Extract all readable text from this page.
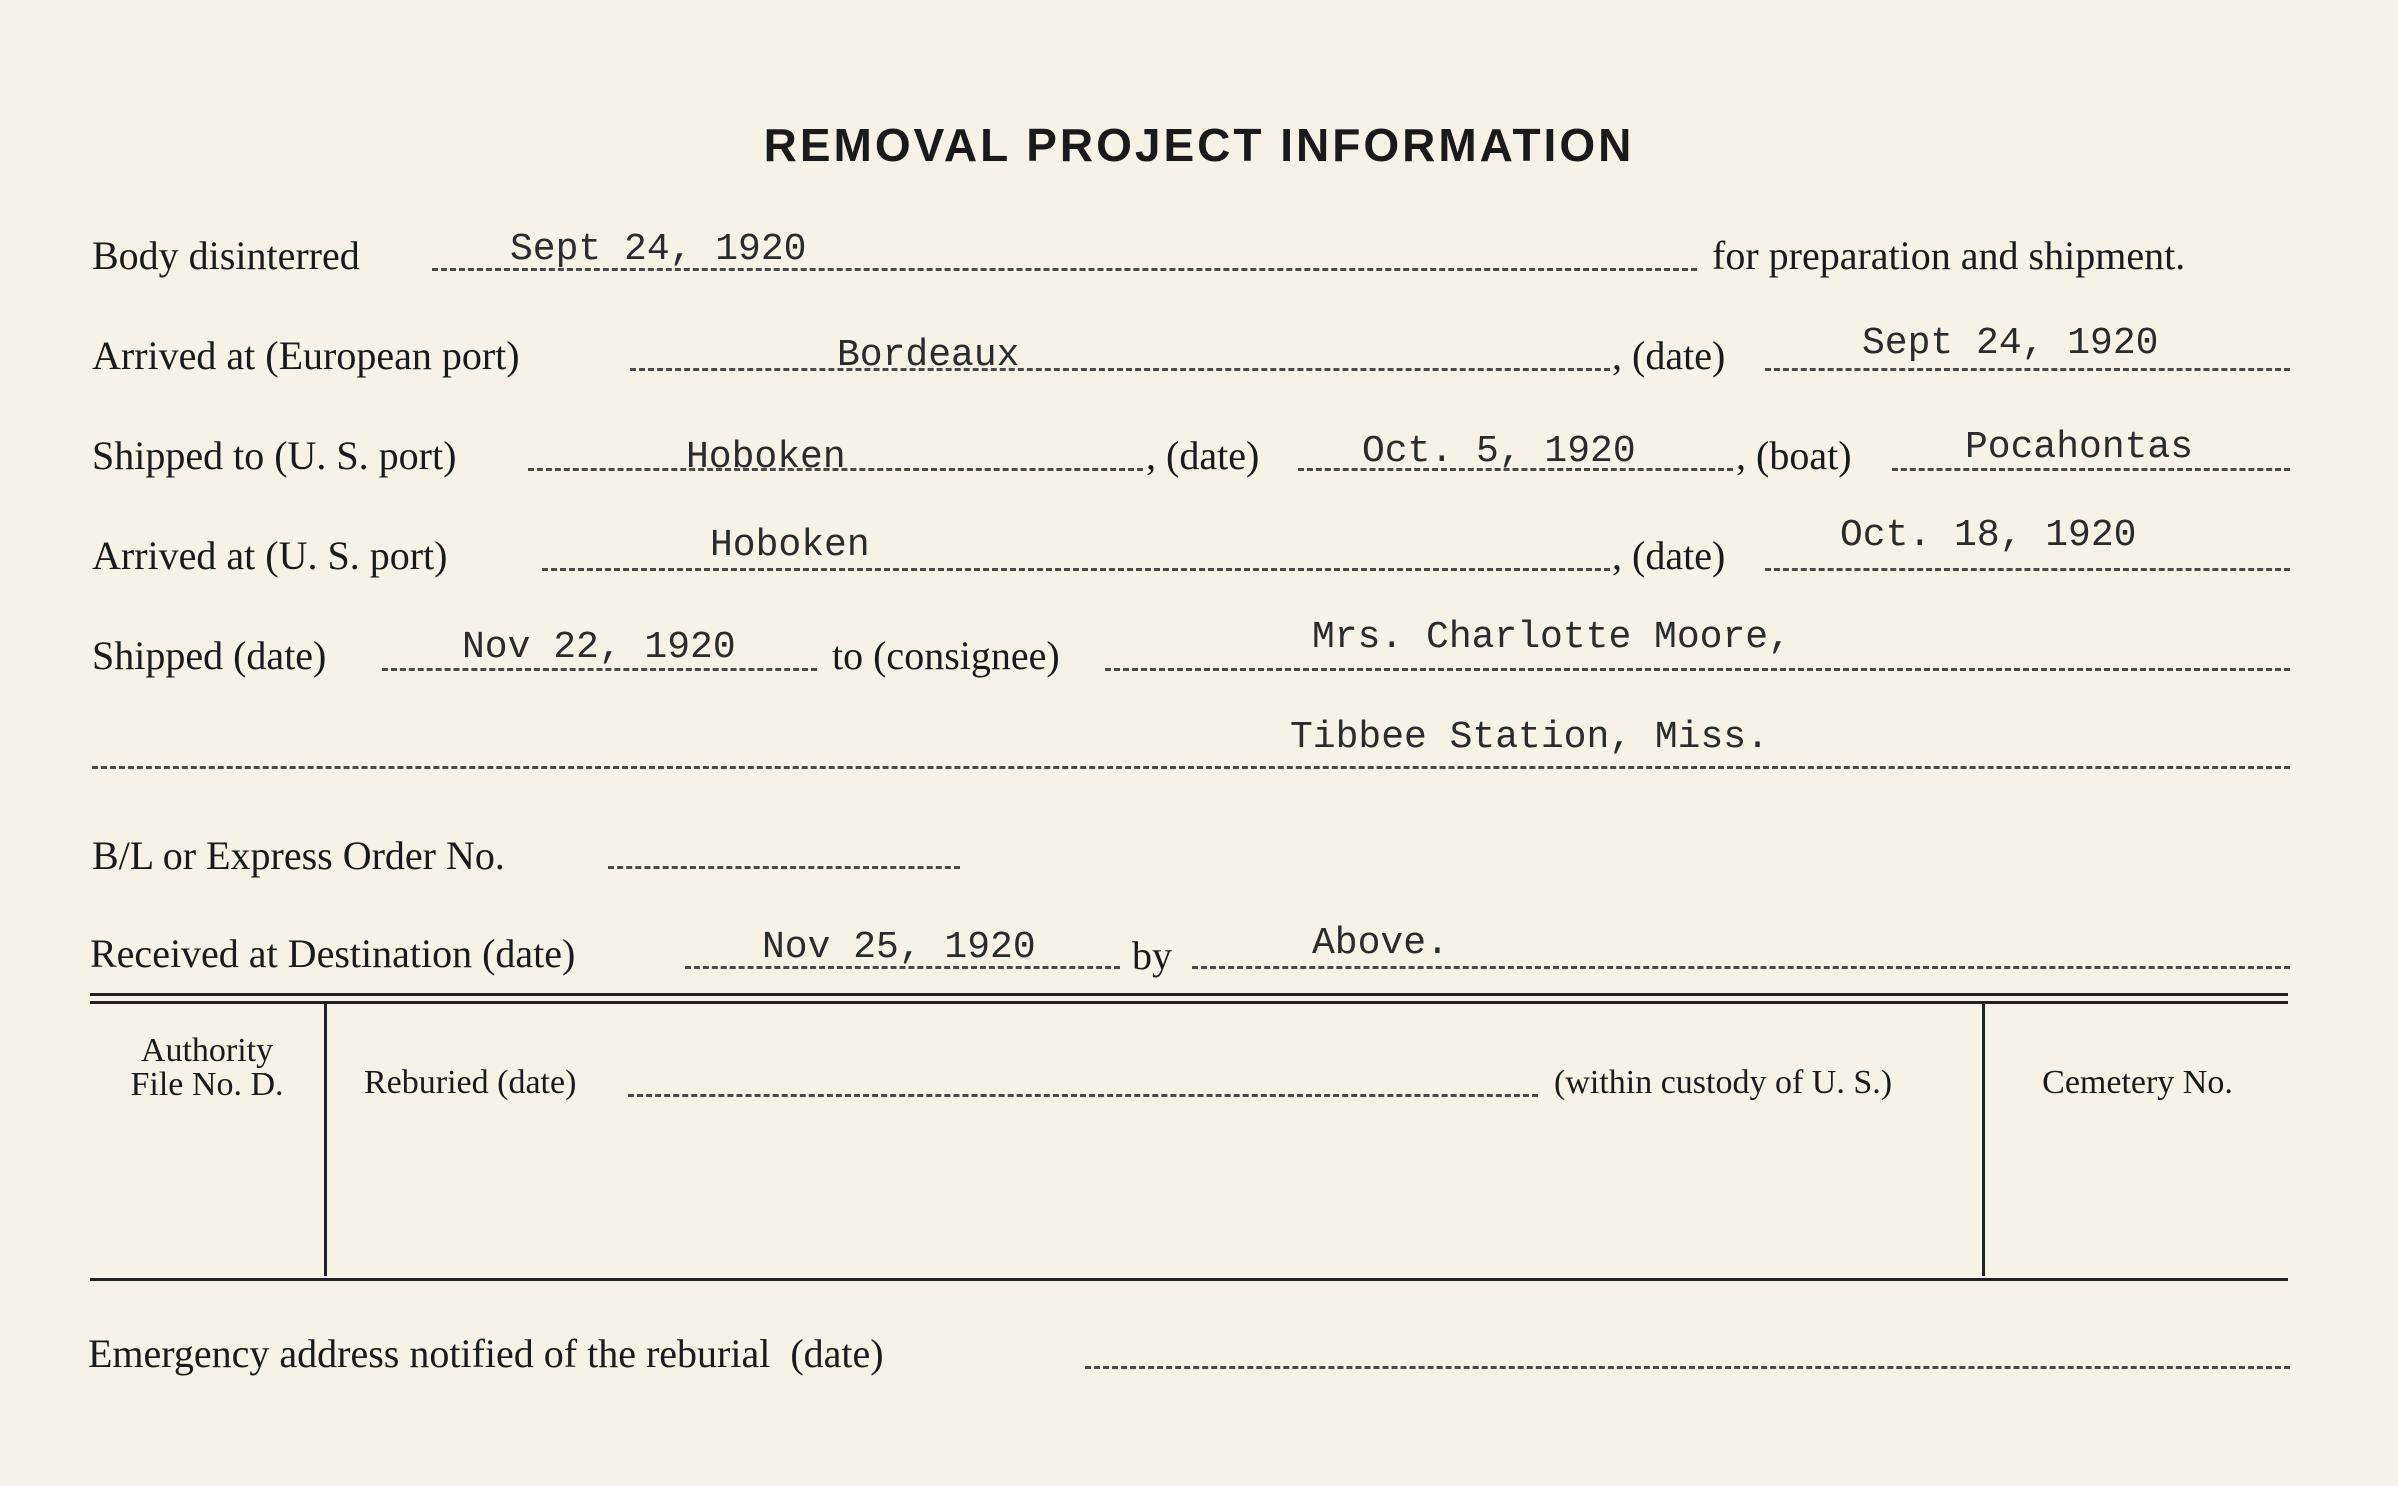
REMOVAL PROJECT INFORMATION
Body disinterred	Sept 24, 1920	for preparation and shipment.
Arrived at (European port)	Bordeaux	, (date)	Sept 24, 1920
Shipped to (U. S. port)	Hoboken	, (date)	Oct. 5, 1920	, (boat)	Pocahontas
Arrived at (U. S. port)	Hoboken	, (date)	Oct. 18, 1920
Shipped (date)	Nov 22, 1920 to (consignee)	Mrs. Charlotte Moore,
Tibbee Station, Miss.
B/L or Express Order No.
Received at Destination (date)	Nov 25, 1920 by	Above.
Authority
File No. D.	Reburied (date)	(within custody of U. S.)	Cemetery No.
Emergency address notified of the reburial  (date)
